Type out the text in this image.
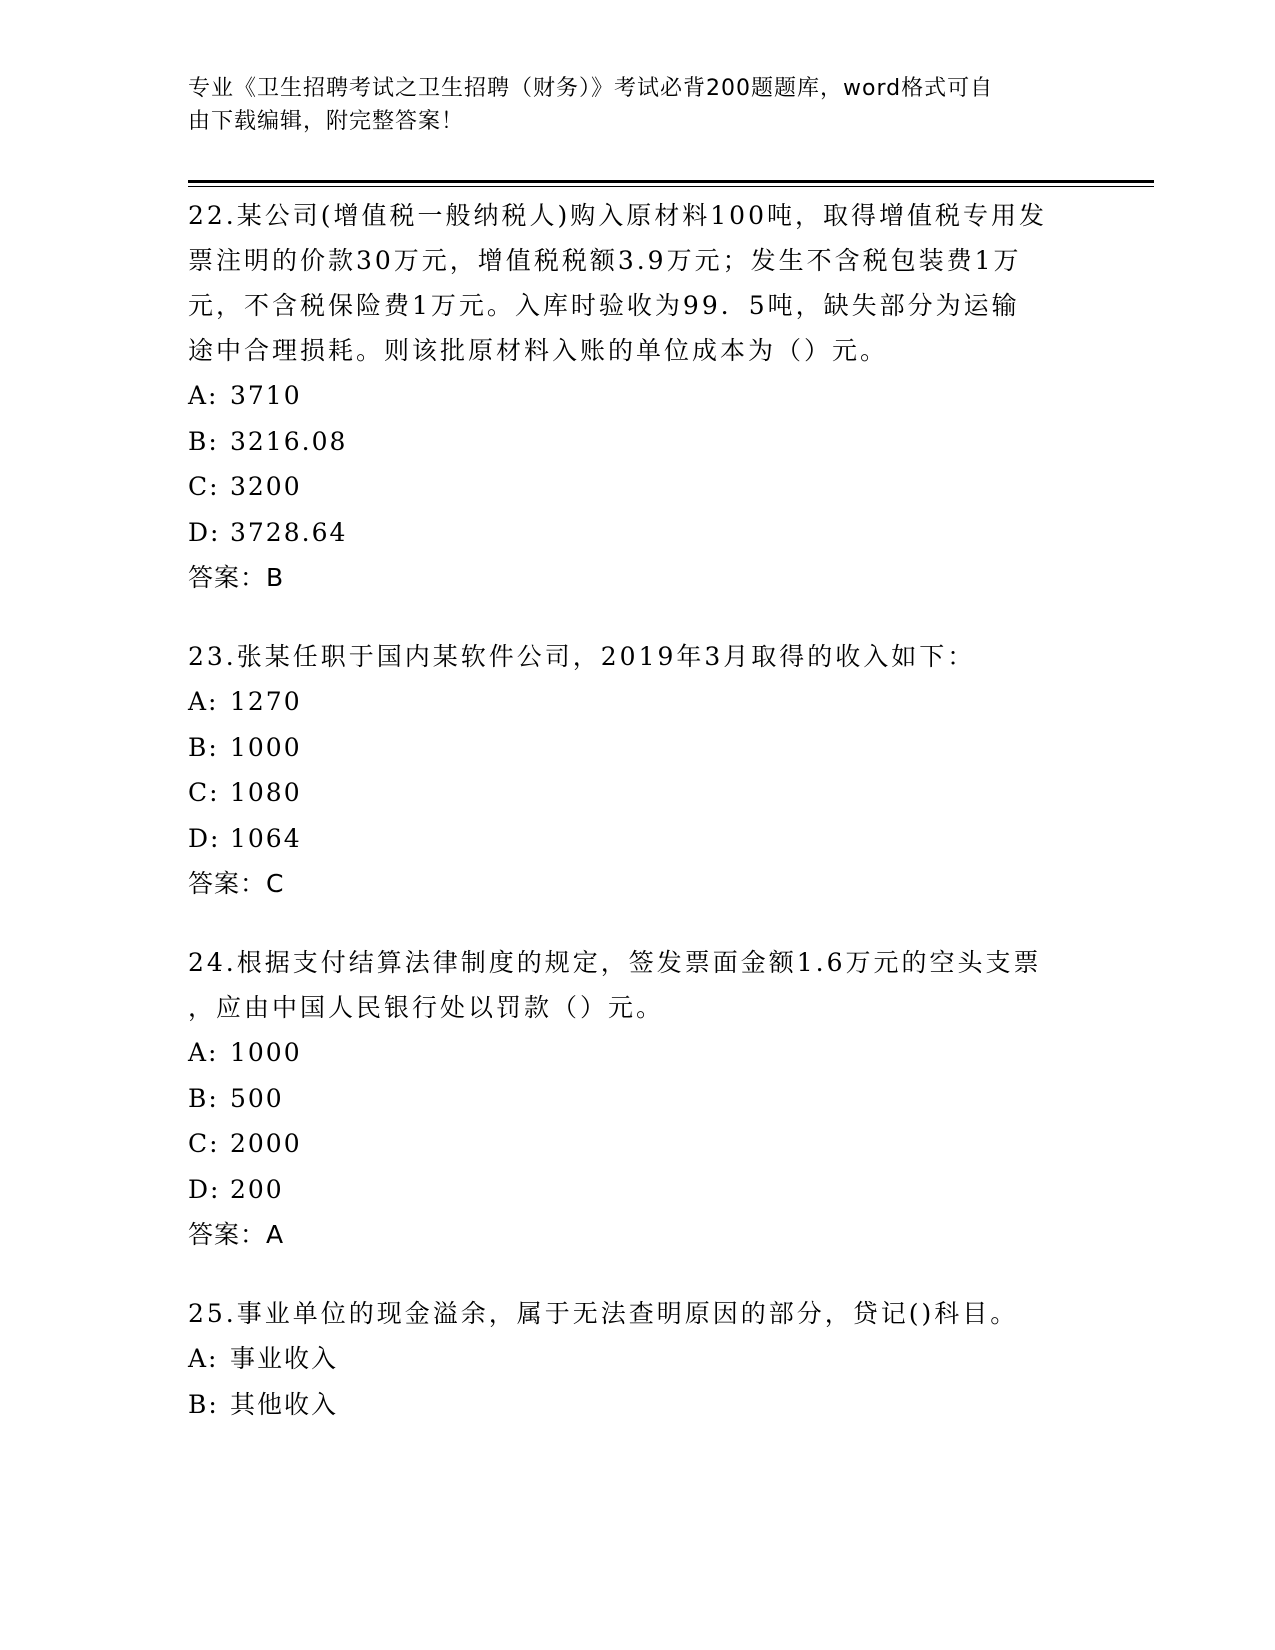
专业《卫生招聘考试之卫生招聘（财务）》考试必背200题题库，word格式可自
由下载编辑，附完整答案！

22.某公司(增值税一般纳税人)购入原材料100吨，取得增值税专用发

票注明的价款30万元，增值税税额3.9万元；发生不含税包装费1万

元，不含税保险费1万元。入库时验收为99．5吨，缺失部分为运输

途中合理损耗。则该批原材料入账的单位成本为（）元。

A: 3710
B: 3216.08
C: 3200
D: 3728.64

答案：B

23.张某任职于国内某软件公司，2019年3月取得的收入如下：

A: 1270
B: 1000
C: 1080
D: 1064

答案：C

24.根据支付结算法律制度的规定，签发票面金额1.6万元的空头支票

，应由中国人民银行处以罚款（）元。

A: 1000
B: 500
C: 2000
D: 200

答案：A

25.事业单位的现金溢余，属于无法查明原因的部分，贷记()科目。

A: 事业收入
B: 其他收入
